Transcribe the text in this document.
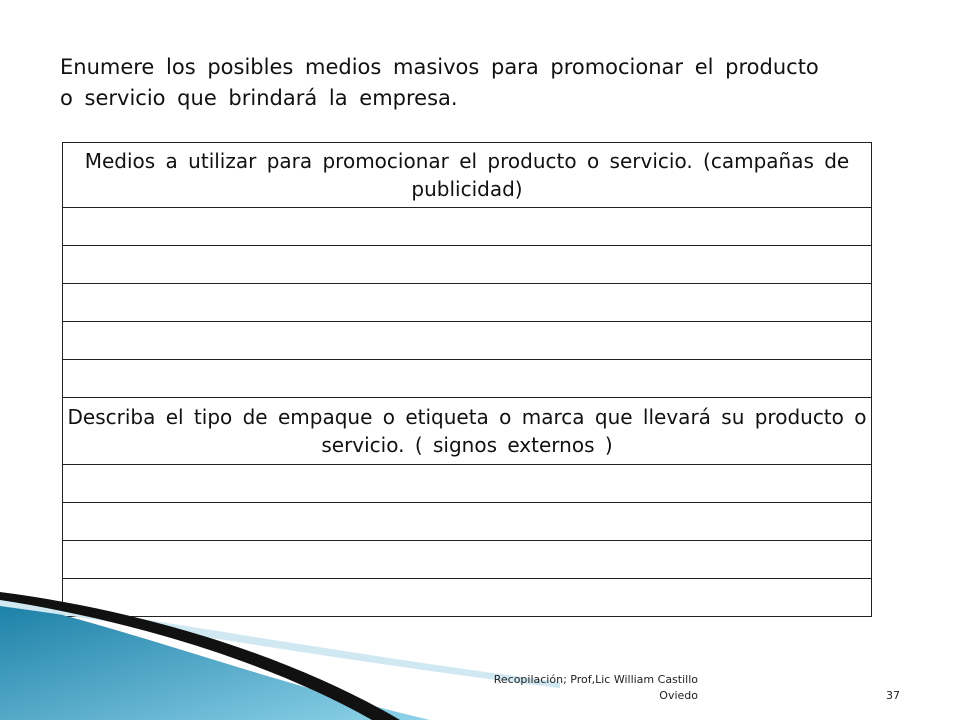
Enumere los posibles medios masivos para promocionar el producto o servicio que brindará la empresa.
Medios a utilizar para promocionar el producto o servicio. (campañas de publicidad)

Describa el tipo de empaque o etiqueta o marca que llevará su producto o servicio. ( signos externos )

Recopilación; Prof,Lic William Castillo Oviedo	37
